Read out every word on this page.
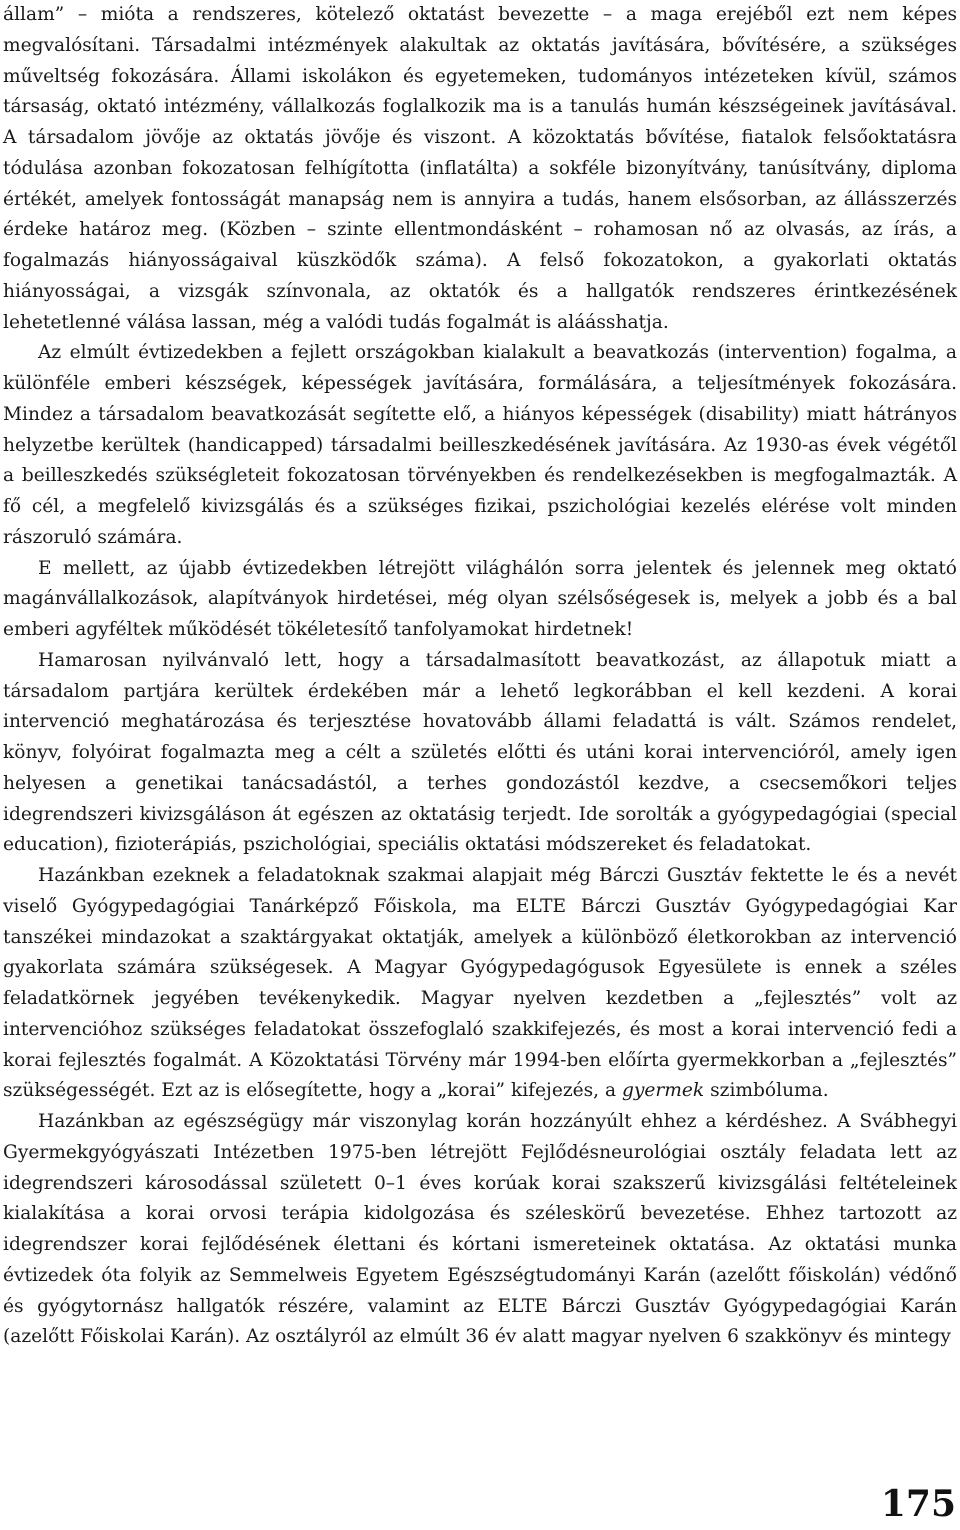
állam” – mióta a rendszeres, kötelező oktatást bevezette – a maga erejéből ezt nem képes megvalósítani. Társadalmi intézmények alakultak az oktatás javítására, bővítésére, a szükséges műveltség fokozására. Állami iskolákon és egyetemeken, tudományos intézeteken kívül, számos társaság, oktató intézmény, vállalkozás foglalkozik ma is a tanulás humán készségeinek javításával. A társadalom jövője az oktatás jövője és viszont. A közoktatás bővítése, fiatalok felsőoktatásra tódulása azonban fokozatosan felhígította (inflatálta) a sokféle bizonyítvány, tanúsítvány, diploma értékét, amelyek fontosságát manapság nem is annyira a tudás, hanem elsősorban, az állásszerzés érdeke határoz meg. (Közben – szinte ellentmondásként – rohamosan nő az olvasás, az írás, a fogalmazás hiányosságaival küszködők száma). A felső fokozatokon, a gyakorlati oktatás hiányosságai, a vizsgák színvonala, az oktatók és a hallgatók rendszeres érintkezésének lehetetlenné válása lassan, még a valódi tudás fogalmát is aláásshatja.

Az elmúlt évtizedekben a fejlett országokban kialakult a beavatkozás (intervention) fogalma, a különféle emberi készségek, képességek javítására, formálására, a teljesítmények fokozására. Mindez a társadalom beavatkozását segítette elő, a hiányos képességek (disability) miatt hátrányos helyzetbe kerültek (handicapped) társadalmi beilleszkedésének javítására. Az 1930-as évek végétől a beilleszkedés szükségleteit fokozatosan törvényekben és rendelkezésekben is megfogalmazták. A fő cél, a megfelelő kivizsgálás és a szükséges fizikai, pszichológiai kezelés elérése volt minden rászoruló számára.

E mellett, az újabb évtizedekben létrejött világhálón sorra jelentek és jelennek meg oktató magánvállalkozások, alapítványok hirdetései, még olyan szélsőségesek is, melyek a jobb és a bal emberi agyféltek működését tökéletesítő tanfolyamokat hirdetnek!

Hamarosan nyilvánvaló lett, hogy a társadalmasított beavatkozást, az állapotuk miatt a társadalom partjára kerültek érdekében már a lehető legkorábban el kell kezdeni. A korai intervenció meghatározása és terjesztése hovatovább állami feladattá is vált. Számos rendelet, könyv, folyóirat fogalmazta meg a célt a születés előtti és utáni korai intervencióról, amely igen helyesen a genetikai tanácsadástól, a terhes gondozástól kezdve, a csecsemőkori teljes idegrendszeri kivizsgáláson át egészen az oktatásig terjedt. Ide sorolták a gyógypedagógiai (special education), fizioterápiás, pszichológiai, speciális oktatási módszereket és feladatokat.

Hazánkban ezeknek a feladatoknak szakmai alapjait még Bárczi Gusztáv fektette le és a nevét viselő Gyógypedagógiai Tanárképző Főiskola, ma ELTE Bárczi Gusztáv Gyógypedagógiai Kar tanszékei mindazokat a szaktárgyakat oktatják, amelyek a különböző életkorokban az intervenció gyakorlata számára szükségesek. A Magyar Gyógypedagógusok Egyesülete is ennek a széles feladatkörnek jegyében tevékenykedik. Magyar nyelven kezdetben a „fejlesztés” volt az intervencióhoz szükséges feladatokat összefoglaló szakkifejezés, és most a korai intervenció fedi a korai fejlesztés fogalmát. A Közoktatási Törvény már 1994-ben előírta gyermekkorban a „fejlesztés” szükségességét. Ezt az is elősegítette, hogy a „korai” kifejezés, a gyermek szimbóluma.

Hazánkban az egészségügy már viszonylag korán hozzányúlt ehhez a kérdéshez. A Svábhegyi Gyermekgyógyászati Intézetben 1975-ben létrejött Fejlődésneurológiai osztály feladata lett az idegrendszeri károsodással született 0–1 éves korúak korai szakszerű kivizsgálási feltételeinek kialakítása a korai orvosi terápia kidolgozása és széleskörű bevezetése. Ehhez tartozott az idegrendszer korai fejlődésének élettani és kórtani ismereteinek oktatása. Az oktatási munka évtizedek óta folyik az Semmelweis Egyetem Egészségtudományi Karán (azelőtt főiskolán) védőnő és gyógytornász hallgatók részére, valamint az ELTE Bárczi Gusztáv Gyógypedagógiai Karán (azelőtt Főiskolai Karán). Az osztályról az elmúlt 36 év alatt magyar nyelven 6 szakkönyv és mintegy

175
